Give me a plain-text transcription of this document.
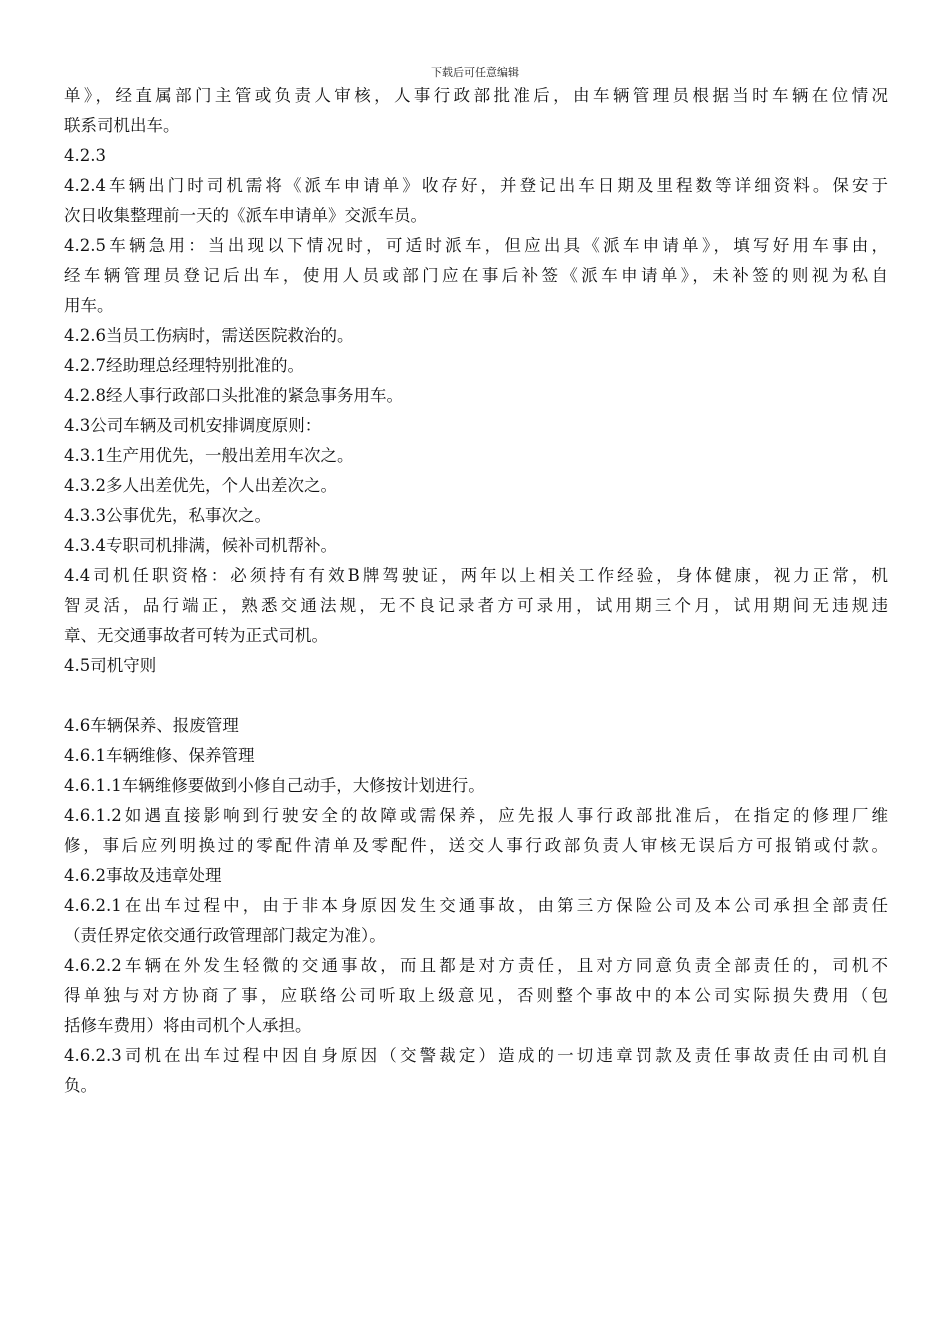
下载后可任意编辑
单》，经直属部门主管或负责人审核，人事行政部批准后，由车辆管理员根据当时车辆在位情况
联系司机出车。
4.2.3
4.2.4车辆出门时司机需将《派车申请单》收存好，并登记出车日期及里程数等详细资料。保安于
次日收集整理前一天的《派车申请单》交派车员。
4.2.5车辆急用：当出现以下情况时，可适时派车，但应出具《派车申请单》，填写好用车事由，
经车辆管理员登记后出车，使用人员或部门应在事后补签《派车申请单》，未补签的则视为私自
用车。
4.2.6当员工伤病时，需送医院救治的。
4.2.7经助理总经理特别批准的。
4.2.8经人事行政部口头批准的紧急事务用车。
4.3公司车辆及司机安排调度原则：
4.3.1生产用优先，一般出差用车次之。
4.3.2多人出差优先，个人出差次之。
4.3.3公事优先，私事次之。
4.3.4专职司机排满，候补司机帮补。
4.4司机任职资格：必须持有有效B牌驾驶证，两年以上相关工作经验，身体健康，视力正常，机
智灵活，品行端正，熟悉交通法规，无不良记录者方可录用，试用期三个月，试用期间无违规违
章、无交通事故者可转为正式司机。
4.5司机守则
4.6车辆保养、报废管理
4.6.1车辆维修、保养管理
4.6.1.1车辆维修要做到小修自己动手，大修按计划进行。
4.6.1.2如遇直接影响到行驶安全的故障或需保养，应先报人事行政部批准后，在指定的修理厂维
修，事后应列明换过的零配件清单及零配件，送交人事行政部负责人审核无误后方可报销或付款。
4.6.2事故及违章处理
4.6.2.1在出车过程中，由于非本身原因发生交通事故，由第三方保险公司及本公司承担全部责任
（责任界定依交通行政管理部门裁定为准）。
4.6.2.2车辆在外发生轻微的交通事故，而且都是对方责任，且对方同意负责全部责任的，司机不
得单独与对方协商了事，应联络公司听取上级意见，否则整个事故中的本公司实际损失费用（包
括修车费用）将由司机个人承担。
4.6.2.3司机在出车过程中因自身原因（交警裁定）造成的一切违章罚款及责任事故责任由司机自
负。
